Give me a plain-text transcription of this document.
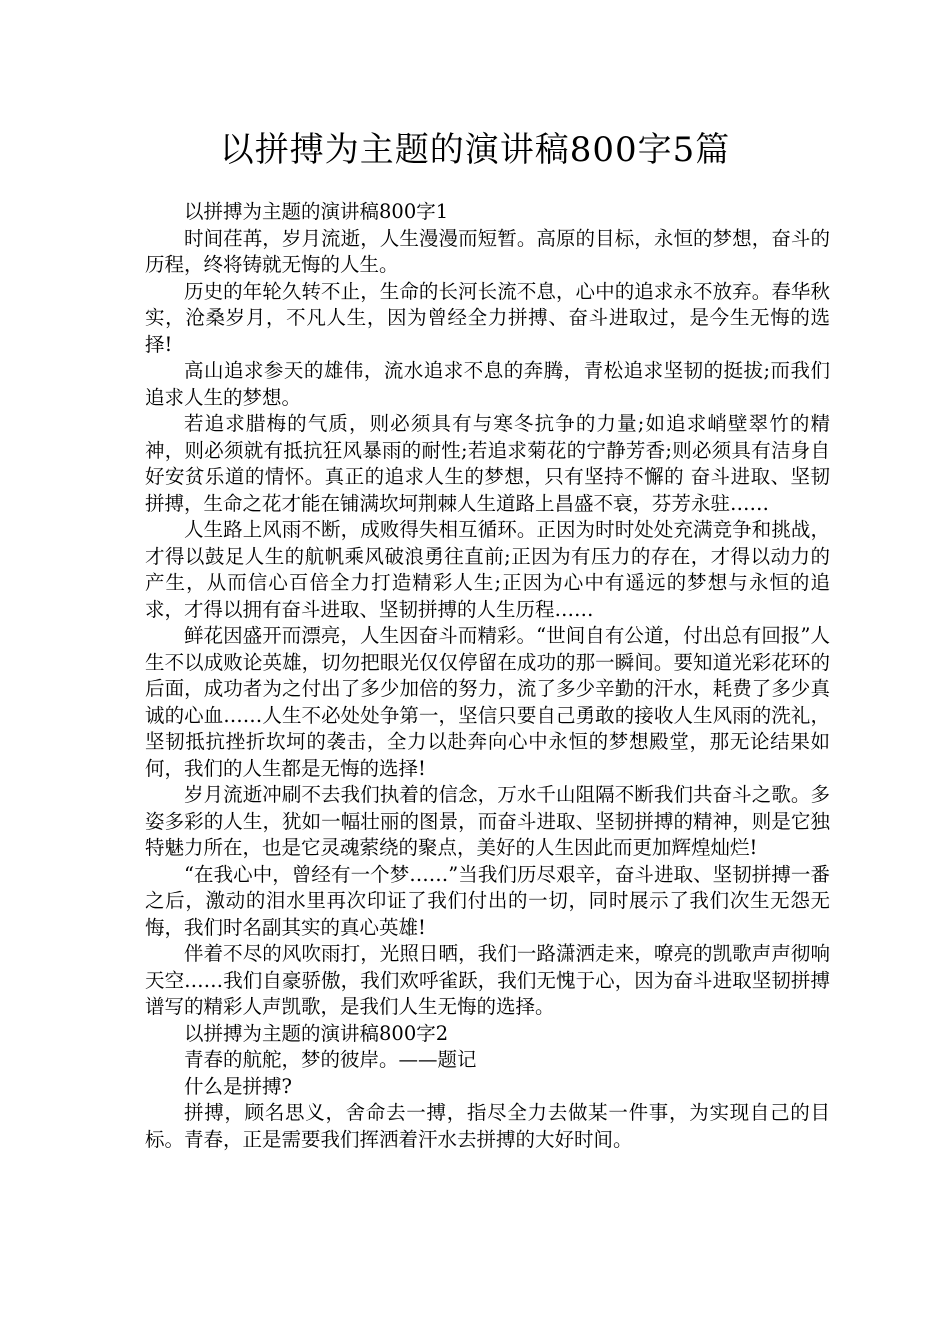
以拼搏为主题的演讲稿800字5篇

以拼搏为主题的演讲稿800字1

时间荏苒，岁月流逝，人生漫漫而短暂。高原的目标，永恒的梦想，奋斗的历程，终将铸就无悔的人生。

历史的年轮久转不止，生命的长河长流不息，心中的追求永不放弃。春华秋实，沧桑岁月，不凡人生，因为曾经全力拼搏、奋斗进取过，是今生无悔的选择!

高山追求参天的雄伟，流水追求不息的奔腾，青松追求坚韧的挺拔;而我们追求人生的梦想。

若追求腊梅的气质，则必须具有与寒冬抗争的力量;如追求峭壁翠竹的精神，则必须就有抵抗狂风暴雨的耐性;若追求菊花的宁静芳香;则必须具有洁身自好安贫乐道的情怀。真正的追求人生的梦想，只有坚持不懈的 奋斗进取、坚韧拼搏，生命之花才能在铺满坎坷荆棘人生道路上昌盛不衰，芬芳永驻……

人生路上风雨不断，成败得失相互循环。正因为时时处处充满竞争和挑战，才得以鼓足人生的航帆乘风破浪勇往直前;正因为有压力的存在，才得以动力的产生，从而信心百倍全力打造精彩人生;正因为心中有遥远的梦想与永恒的追求，才得以拥有奋斗进取、坚韧拼搏的人生历程……

鲜花因盛开而漂亮，人生因奋斗而精彩。“世间自有公道，付出总有回报”人生不以成败论英雄，切勿把眼光仅仅停留在成功的那一瞬间。要知道光彩花环的后面，成功者为之付出了多少加倍的努力，流了多少辛勤的汗水，耗费了多少真诚的心血……人生不必处处争第一，坚信只要自己勇敢的接收人生风雨的洗礼，坚韧抵抗挫折坎坷的袭击，全力以赴奔向心中永恒的梦想殿堂，那无论结果如何，我们的人生都是无悔的选择!

岁月流逝冲刷不去我们执着的信念，万水千山阻隔不断我们共奋斗之歌。多姿多彩的人生，犹如一幅壮丽的图景，而奋斗进取、坚韧拼搏的精神，则是它独特魅力所在，也是它灵魂萦绕的聚点，美好的人生因此而更加辉煌灿烂!

“在我心中，曾经有一个梦……”当我们历尽艰辛，奋斗进取、坚韧拼搏一番之后，激动的泪水里再次印证了我们付出的一切，同时展示了我们次生无怨无悔，我们时名副其实的真心英雄!

伴着不尽的风吹雨打，光照日晒，我们一路潇洒走来，嘹亮的凯歌声声彻响天空……我们自豪骄傲，我们欢呼雀跃，我们无愧于心，因为奋斗进取坚韧拼搏谱写的精彩人声凯歌，是我们人生无悔的选择。

以拼搏为主题的演讲稿800字2

青春的航舵，梦的彼岸。——题记

什么是拼搏?

拼搏，顾名思义，舍命去一搏，指尽全力去做某一件事，为实现自己的目标。青春，正是需要我们挥洒着汗水去拼搏的大好时间。
